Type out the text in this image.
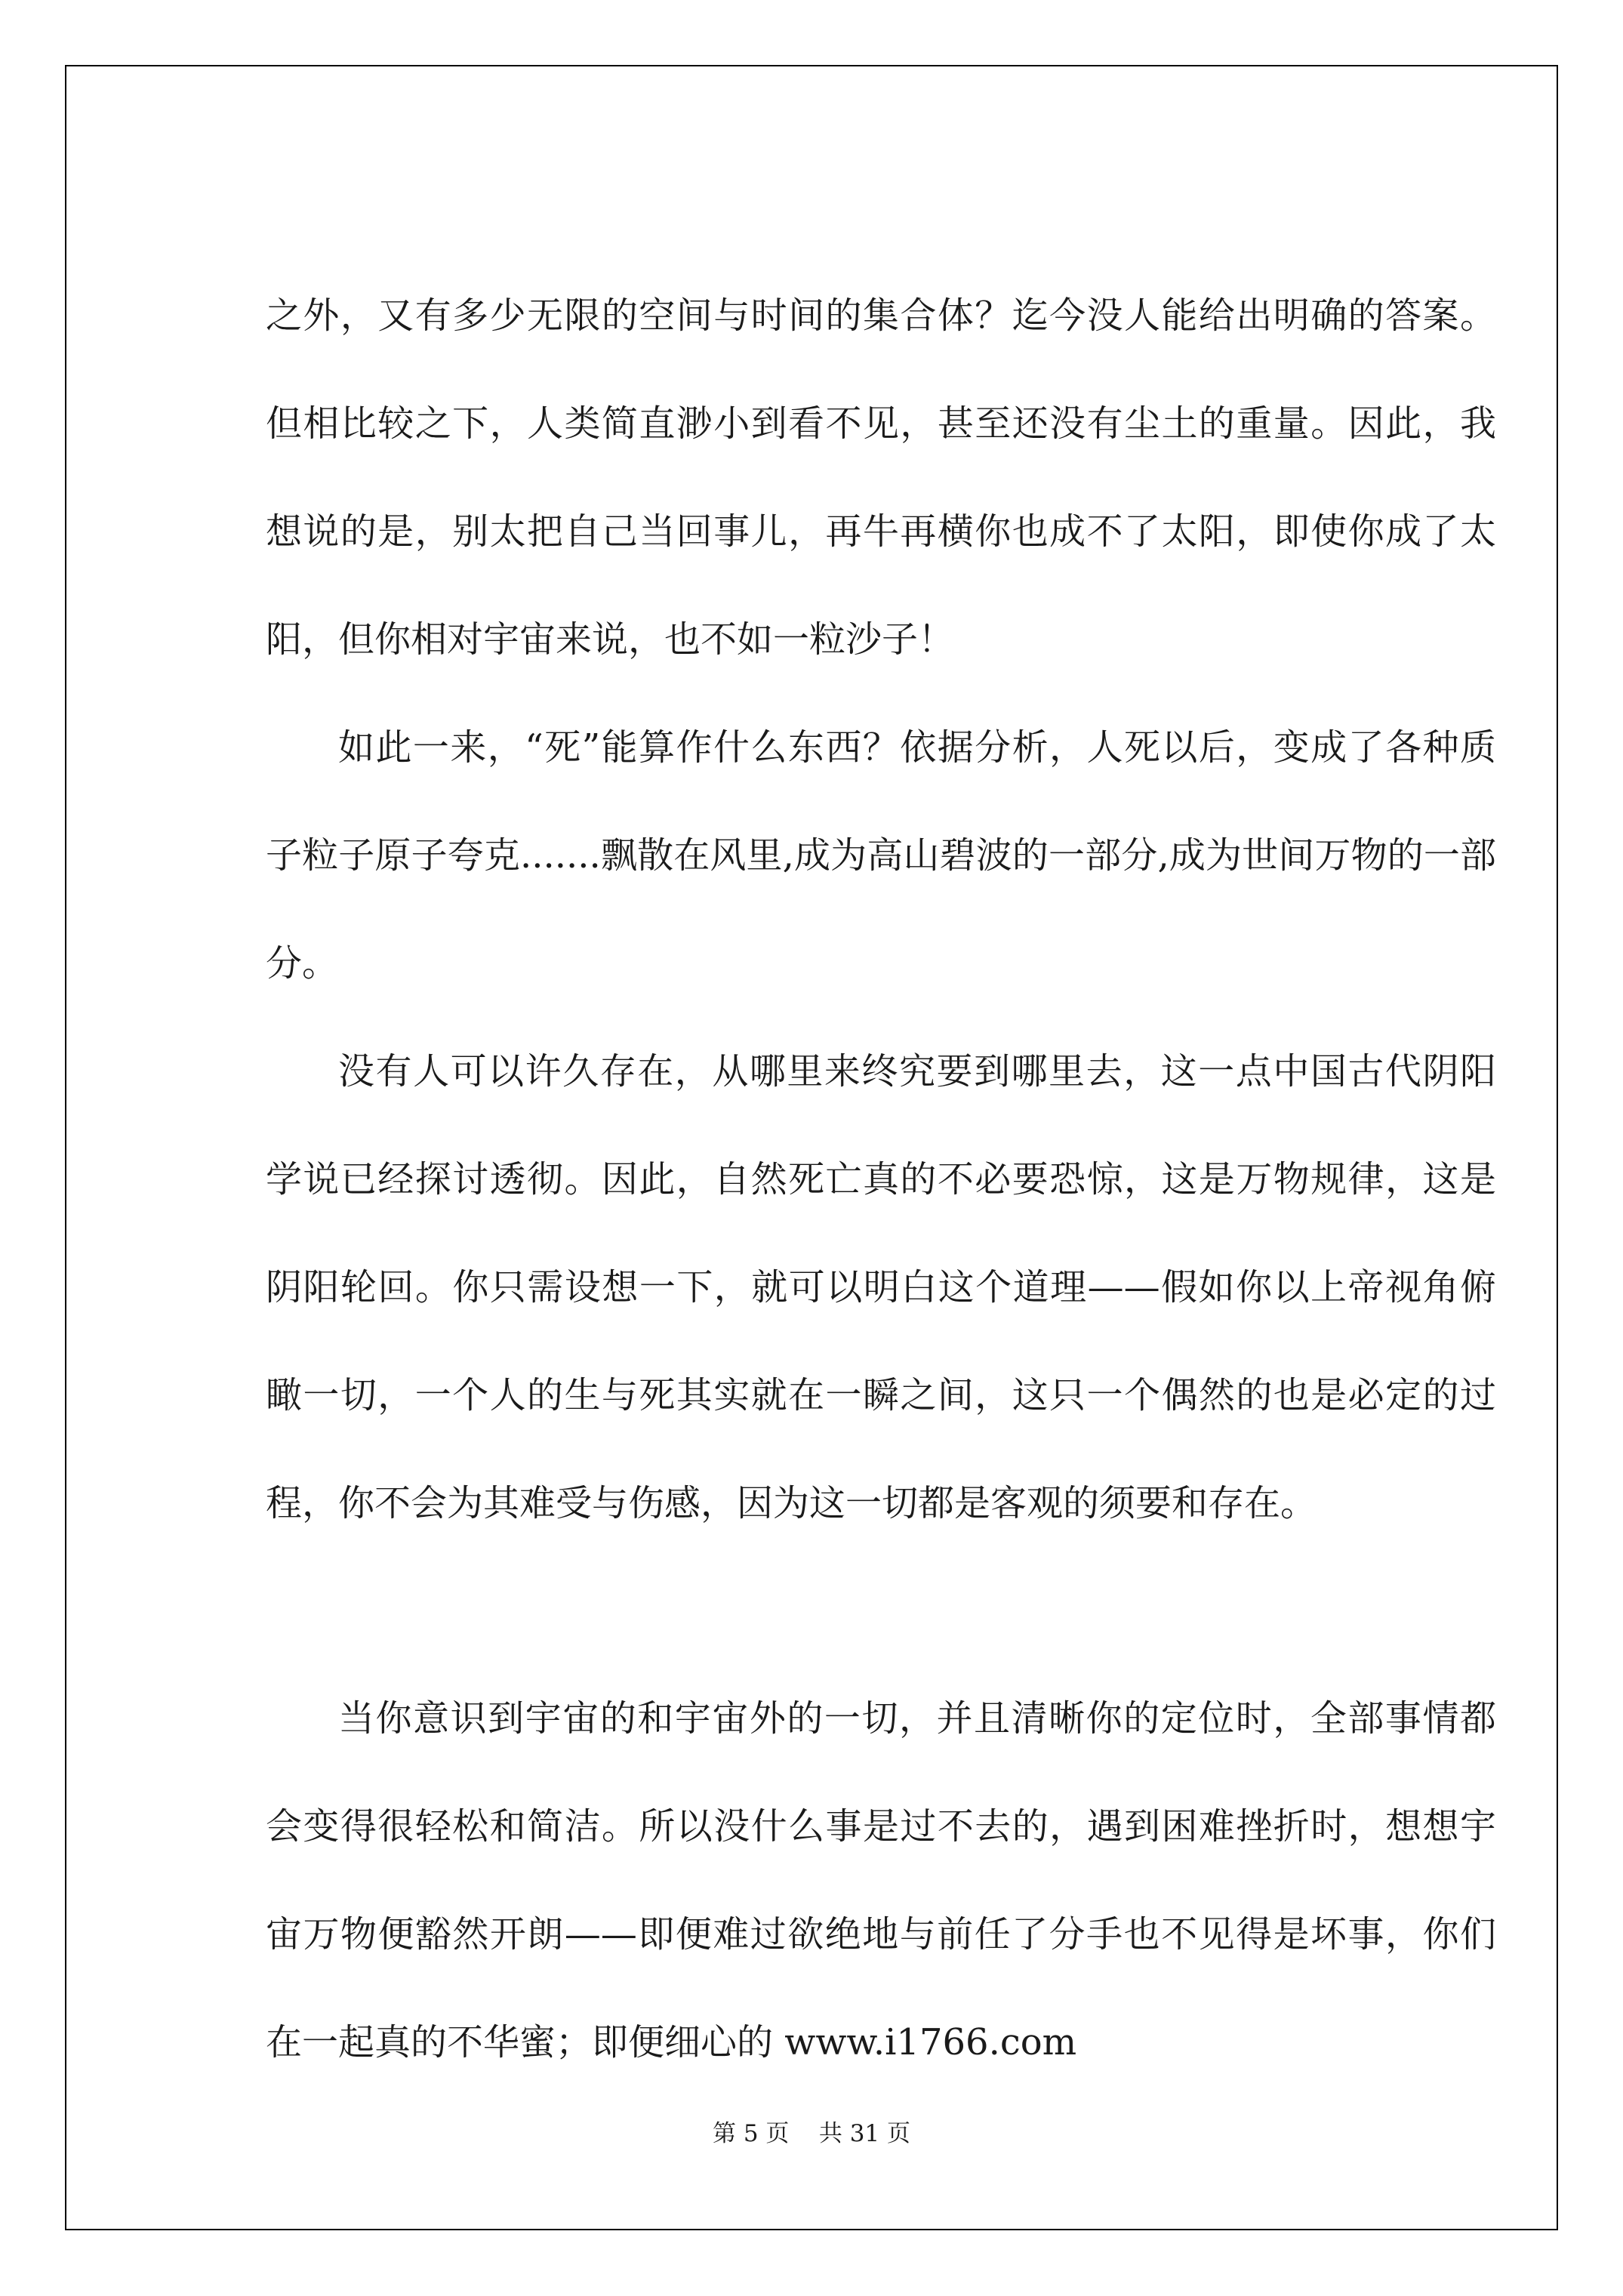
之外，又有多少无限的空间与时间的集合体？迄今没人能给出明确的答案。但相比较之下，人类简直渺小到看不见，甚至还没有尘土的重量。因此，我想说的是，别太把自己当回事儿，再牛再横你也成不了太阳，即使你成了太阳，但你相对宇宙来说，也不如一粒沙子！

如此一来，“死”能算作什么东西？依据分析，人死以后，变成了各种质子粒子原子夸克.......飘散在风里,成为高山碧波的一部分,成为世间万物的一部分。

没有人可以许久存在，从哪里来终究要到哪里去，这一点中国古代阴阳学说已经探讨透彻。因此，自然死亡真的不必要恐惊，这是万物规律，这是阴阳轮回。你只需设想一下，就可以明白这个道理——假如你以上帝视角俯瞰一切，一个人的生与死其实就在一瞬之间，这只一个偶然的也是必定的过程，你不会为其难受与伤感，因为这一切都是客观的须要和存在。

当你意识到宇宙的和宇宙外的一切，并且清晰你的定位时，全部事情都会变得很轻松和简洁。所以没什么事是过不去的，遇到困难挫折时，想想宇宙万物便豁然开朗——即便难过欲绝地与前任了分手也不见得是坏事，你们在一起真的不华蜜；即便细心的 www.i1766.com

第 5 页 共 31 页
